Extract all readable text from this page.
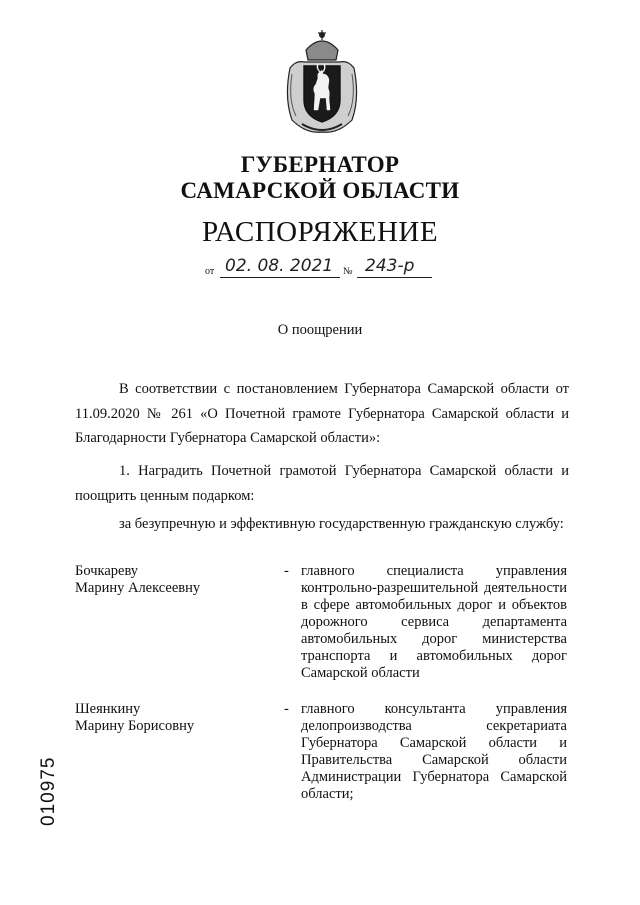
ГУБЕРНАТОР
САМАРСКОЙ ОБЛАСТИ
РАСПОРЯЖЕНИЕ
от 02. 08. 2021 № 243-р
О поощрении
В соответствии с постановлением Губернатора Самарской области от 11.09.2020 № 261 «О Почетной грамоте Губернатора Самарской области и Благодарности Губернатора Самарской области»:
1. Наградить Почетной грамотой Губернатора Самарской области и поощрить ценным подарком:
за безупречную и эффективную государственную гражданскую службу:
Бочкареву
Марину Алексеевну
- главного специалиста управления контрольно-разрешительной деятельности в сфере автомобильных дорог и объектов дорожного сервиса департамента автомобильных дорог министерства транспорта и автомобильных дорог Самарской области
Шеянкину
Марину Борисовну
- главного консультанта управления делопроизводства секретариата Губернатора Самарской области и Правительства Самарской области Администрации Губернатора Самарской области;
010975
